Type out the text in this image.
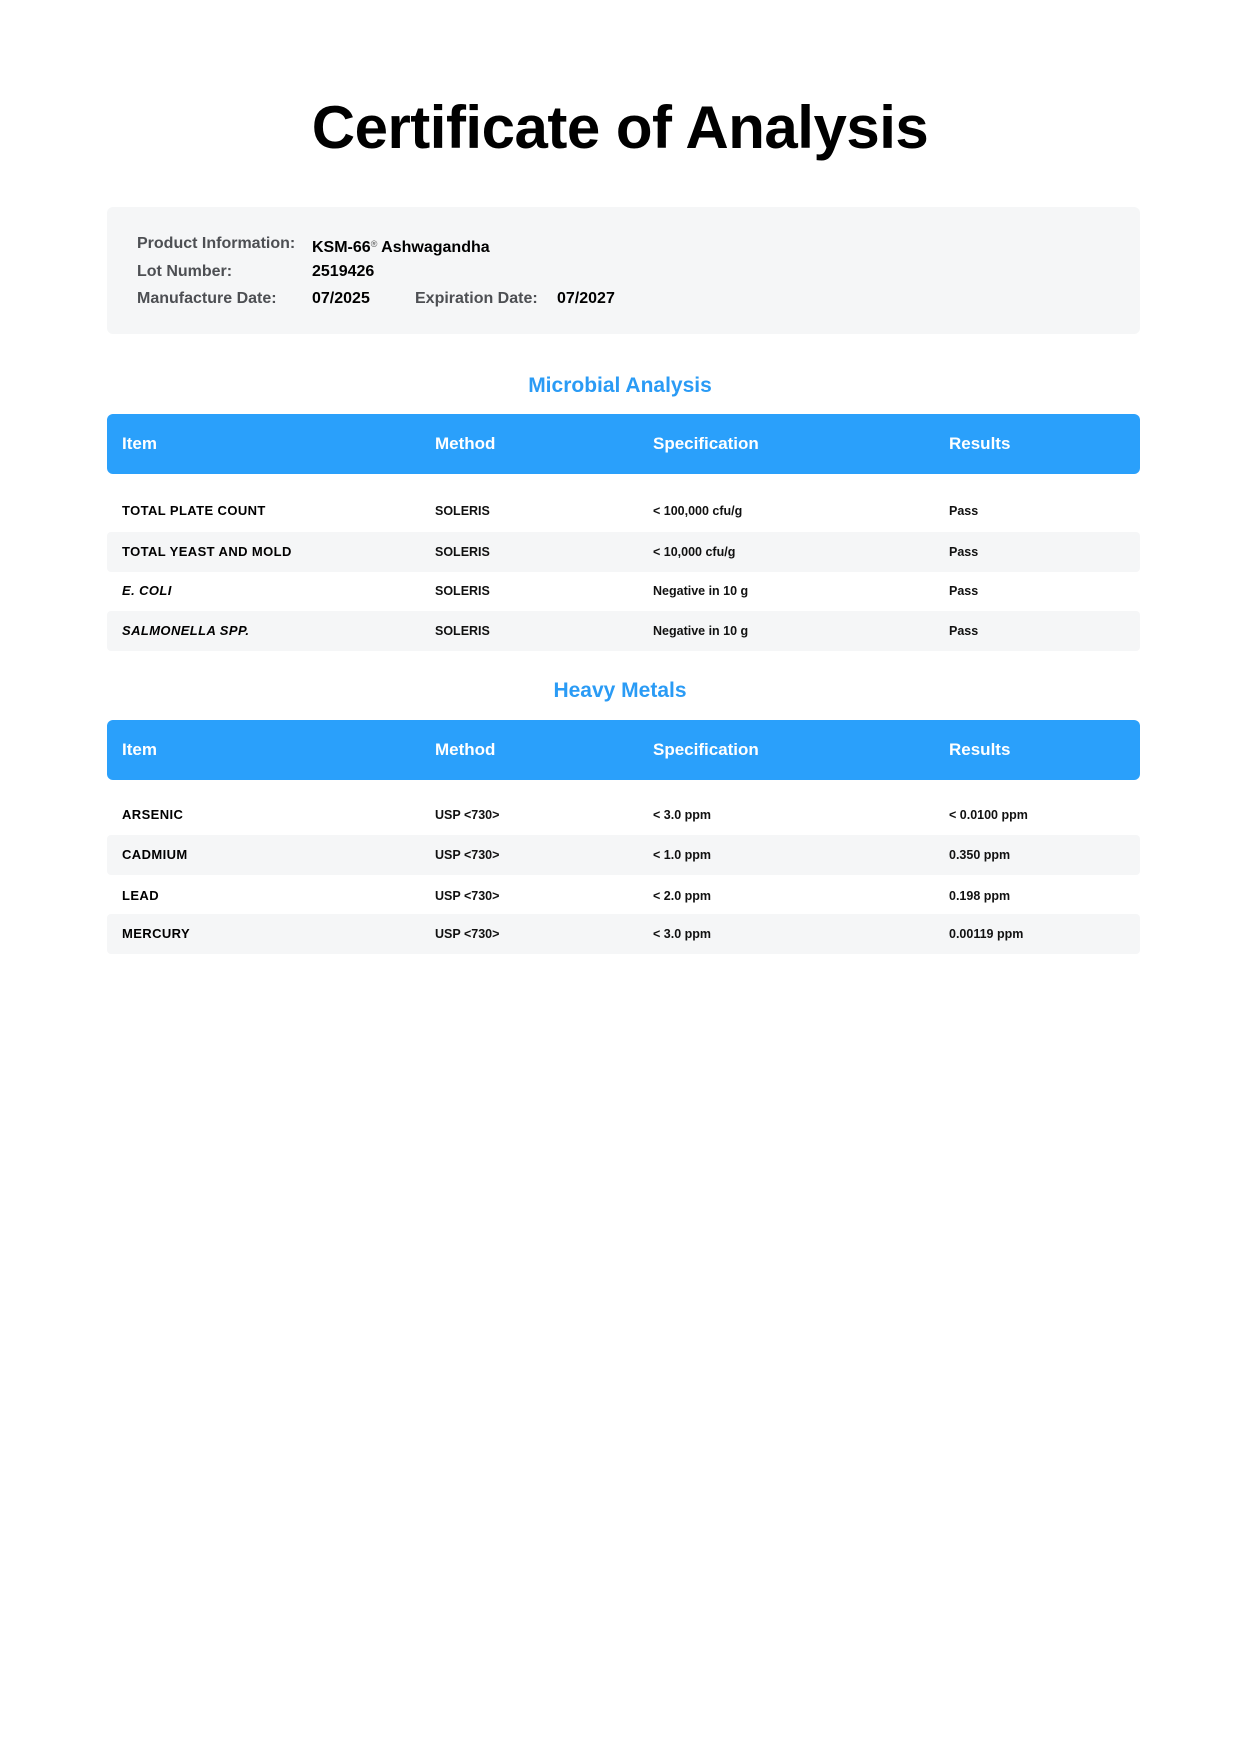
Certificate of Analysis
Product Information: KSM-66® Ashwagandha
Lot Number:	2519426
Manufacture Date: 07/2025	Expiration Date: 07/2027
Microbial Analysis
Item	Method	Specification	Results
TOTAL PLATE COUNT	SOLERIS	< 100,000 cfu/g	Pass
TOTAL YEAST AND MOLD	SOLERIS	< 10,000 cfu/g	Pass
E. COLI	SOLERIS	Negative in 10 g	Pass
SALMONELLA SPP.	SOLERIS	Negative in 10 g	Pass
Heavy Metals
Item	Method	Specification	Results
ARSENIC	USP <730>	< 3.0 ppm	< 0.0100 ppm
CADMIUM	USP <730>	< 1.0 ppm	0.350 ppm
LEAD	USP <730>	< 2.0 ppm	0.198 ppm
MERCURY	USP <730>	< 3.0 ppm	0.00119 ppm
